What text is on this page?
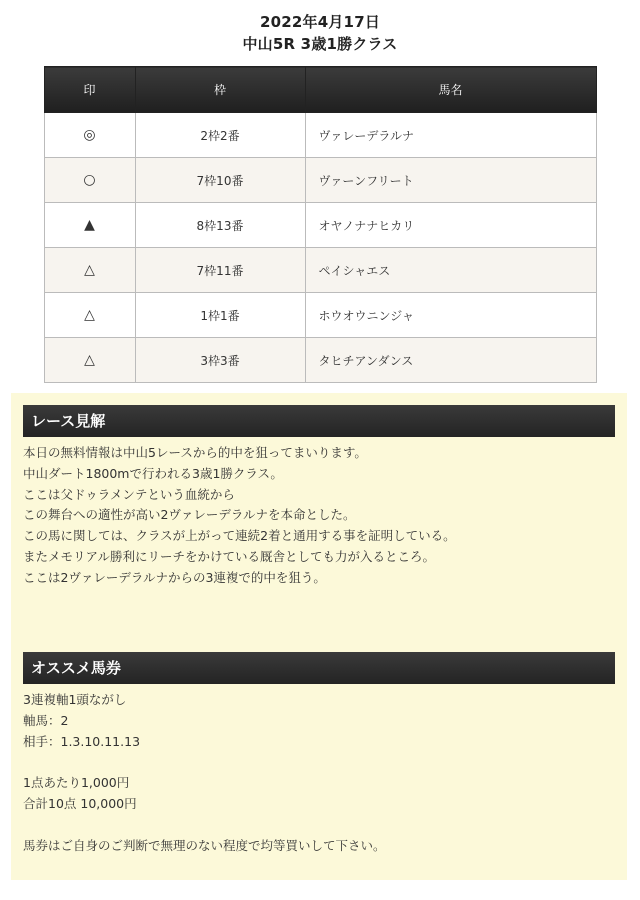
2022年4月17日
中山5R 3歳1勝クラス
印	枠	馬名
◎	2枠2番	ヴァレーデラルナ
○	7枠10番	ヴァーンフリート
▲	8枠13番	オヤノナナヒカリ
△	7枠11番	ペイシャエス
△	1枠1番	ホウオウニンジャ
△	3枠3番	タヒチアンダンス
レース見解
本日の無料情報は中山5レースから的中を狙ってまいります。
中山ダート1800mで行われる3歳1勝クラス。
ここは父ドゥラメンテという血統から
この舞台への適性が高い2ヴァレーデラルナを本命とした。
この馬に関しては、クラスが上がって連続2着と通用する事を証明している。
またメモリアル勝利にリーチをかけている厩舎としても力が入るところ。
ここは2ヴァレーデラルナからの3連複で的中を狙う。
オススメ馬券
3連複軸1頭ながし
軸馬：2
相手：1.3.10.11.13
1点あたり1,000円
合計10点 10,000円
馬券はご自身のご判断で無理のない程度で均等買いして下さい。
